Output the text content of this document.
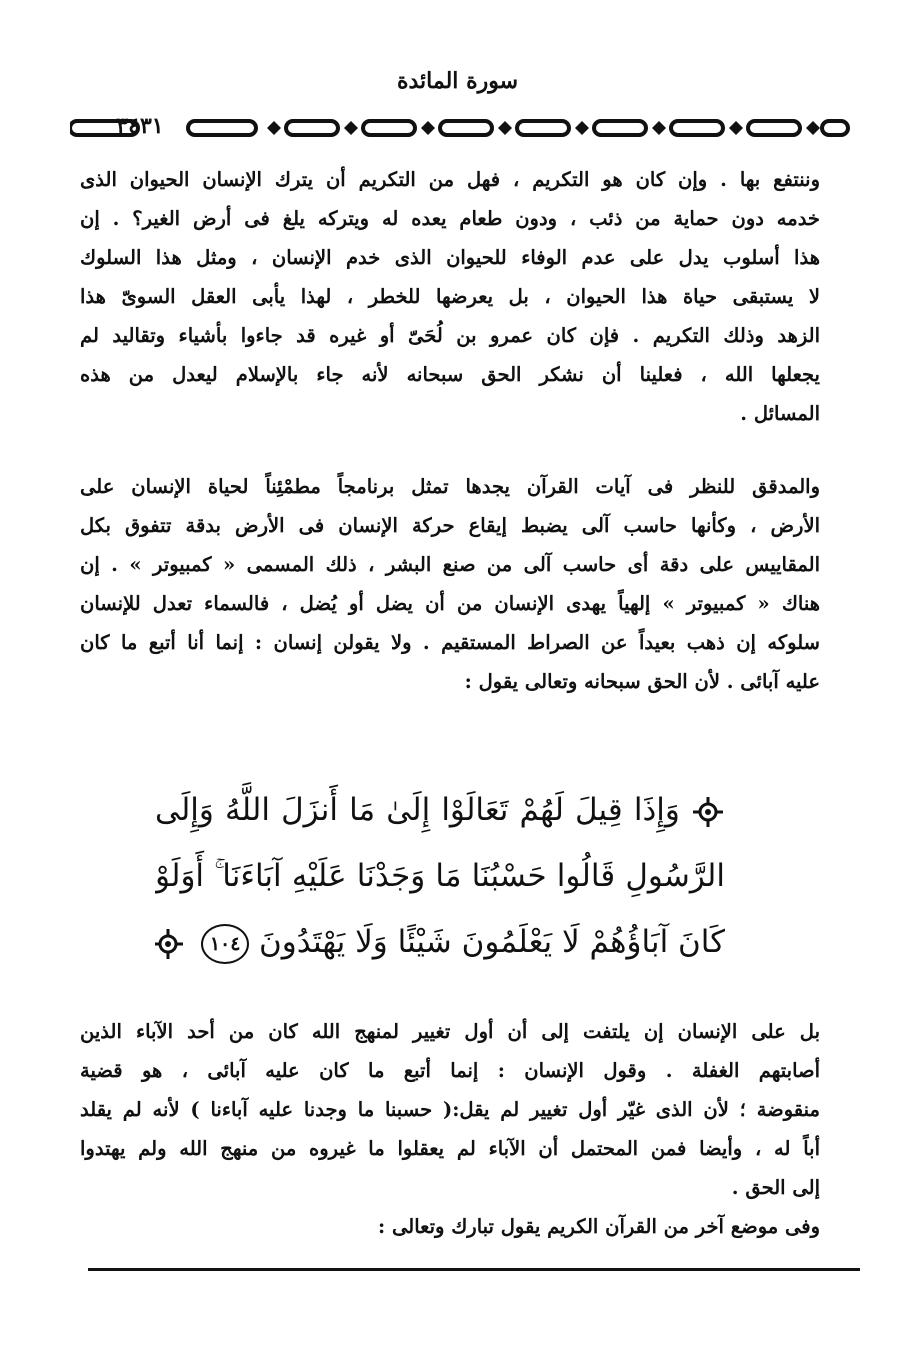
سورة المائدة
٣٤٣١
وننتفع بها . وإن كان هو التكريم ، فهل من التكريم أن يترك الإنسان الحيوان الذى
خدمه دون حماية من ذئب ، ودون طعام يعده له ويتركه يلغ فى أرض الغير؟ . إن
هذا أسلوب يدل على عدم الوفاء للحيوان الذى خدم الإنسان ، ومثل هذا السلوك
لا يستبقى حياة هذا الحيوان ، بل يعرضها للخطر ، لهذا يأبى العقل السوىّ هذا
الزهد وذلك التكريم . فإن كان عمرو بن لُحَىّ أو غيره قد جاءوا بأشياء وتقاليد لم
يجعلها الله ، فعلينا أن نشكر الحق سبحانه لأنه جاء بالإسلام ليعدل من هذه
المسائل .
والمدقق للنظر فى آيات القرآن يجدها تمثل برنامجاً مطمْئِناً لحياة الإنسان على
الأرض ، وكأنها حاسب آلى يضبط إيقاع حركة الإنسان فى الأرض بدقة تتفوق بكل
المقاييس على دقة أى حاسب آلى من صنع البشر ، ذلك المسمى « كمبيوتر » . إن
هناك « كمبيوتر » إلهياً يهدى الإنسان من أن يضل أو يُضل ، فالسماء تعدل للإنسان
سلوكه إن ذهب بعيداً عن الصراط المستقيم . ولا يقولن إنسان : إنما أنا أتبع ما كان
عليه آبائى . لأن الحق سبحانه وتعالى يقول :
وَإِذَا قِيلَ لَهُمْ تَعَالَوْا إِلَىٰ مَا أَنزَلَ اللَّهُ وَإِلَى
الرَّسُولِ قَالُوا حَسْبُنَا مَا وَجَدْنَا عَلَيْهِ آبَاءَنَا ۚ أَوَلَوْ
كَانَ آبَاؤُهُمْ لَا يَعْلَمُونَ شَيْئًا وَلَا يَهْتَدُونَ ١٠٤
بل على الإنسان إن يلتفت إلى أن أول تغيير لمنهج الله كان من أحد الآباء الذين
أصابتهم الغفلة . وقول الإنسان : إنما أتبع ما كان عليه آبائى ، هو قضية
منقوضة ؛ لأن الذى غيّر أول تغيير لم يقل:( حسبنا ما وجدنا عليه آباءنا ) لأنه لم يقلد
أباً له ، وأيضا فمن المحتمل أن الآباء لم يعقلوا ما غيروه من منهج الله ولم يهتدوا
إلى الحق .
وفى موضع آخر من القرآن الكريم يقول تبارك وتعالى :
